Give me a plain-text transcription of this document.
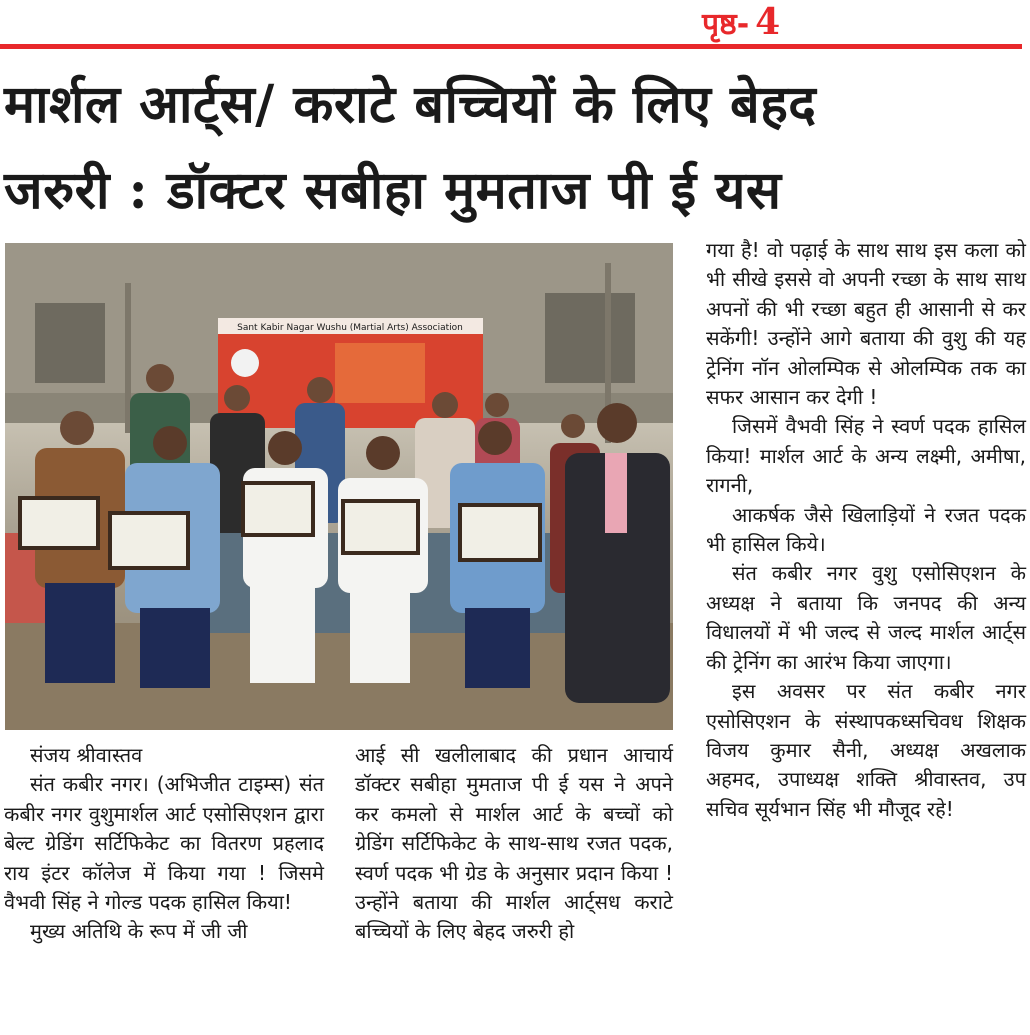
पृष्ठ- 4
मार्शल आर्ट्स/ कराटे बच्चियों के लिए बेहद
जरुरी : डॉक्टर सबीहा मुमताज पी ई यस
Sant Kabir Nagar Wushu (Martial Arts) Association

गया है! वो पढ़ाई के साथ साथ इस कला को भी सीखे इससे वो अपनी रच्छा के साथ साथ अपनों की भी रच्छा बहुत ही आसानी से कर सकेंगी! उन्होंने आगे बताया की वुशु की यह ट्रेनिंग नॉन ओलम्पिक से ओलम्पिक तक का सफर आसान कर देगी !

जिसमें वैभवी सिंह ने स्वर्ण पदक हासिल किया! मार्शल आर्ट के अन्य लक्ष्मी, अमीषा, रागनी,

आकर्षक जैसे खिलाड़ियों ने रजत पदक भी हासिल किये।

संत कबीर नगर वुशु एसोसिएशन के अध्यक्ष ने बताया कि जनपद की अन्य विधालयों में भी जल्द से जल्द मार्शल आर्ट्स की ट्रेनिंग का आरंभ किया जाएगा।

इस अवसर पर संत कबीर नगर एसोसिएशन के संस्थापकध्सचिवध शिक्षक विजय कुमार सैनी, अध्यक्ष अखलाक अहमद, उपाध्यक्ष शक्ति श्रीवास्तव, उप सचिव सूर्यभान सिंह भी मौजूद रहे!

संजय श्रीवास्तव

संत कबीर नगर। (अभिजीत टाइम्स) संत कबीर नगर वुशुमार्शल आर्ट एसोसिएशन द्वारा बेल्ट ग्रेडिंग सर्टिफिकेट का वितरण प्रहलाद राय इंटर कॉलेज में किया गया ! जिसमे वैभवी सिंह ने गोल्ड पदक हासिल किया!

मुख्य अतिथि के रूप में जी जी

आई सी खलीलाबाद की प्रधान आचार्य डॉक्टर सबीहा मुमताज पी ई यस ने अपने कर कमलो से मार्शल आर्ट के बच्चों को ग्रेडिंग सर्टिफिकेट के साथ-साथ रजत पदक, स्वर्ण पदक भी ग्रेड के अनुसार प्रदान किया ! उन्होंने बताया की मार्शल आर्ट्सध कराटे बच्चियों के लिए बेहद जरुरी हो
